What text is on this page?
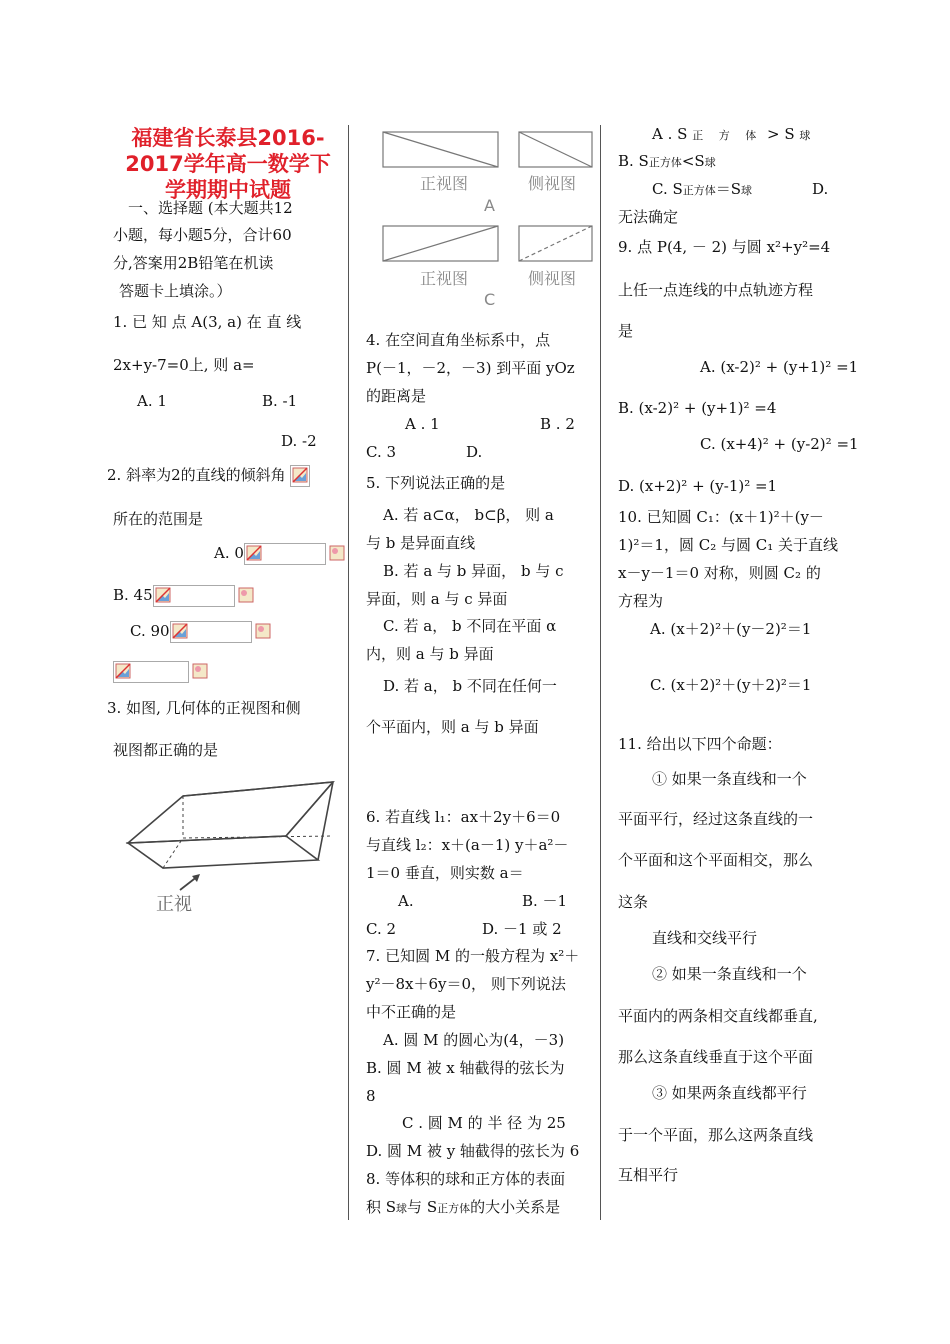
福建省长泰县2016-
2017学年高一数学下
学期期中试题
一、选择题 (本大题共12
小题，每小题5分，合计60
分,答案用2B铅笔在机读
答题卡上填涂。）
1. 已 知 点 A(3, a) 在 直 线
2x+y-7=0上, 则 a=
A. 1	B. -1
D. -2
2. 斜率为2的直线的倾斜角
所在的范围是
A. 0
B. 45
C. 90
3. 如图, 几何体的正视图和侧
视图都正确的是
正视
正视图	侧视图
A
正视图	侧视图
C
4. 在空间直角坐标系中，点
P(－1，－2，－3) 到平面 yOz
的距离是
A . 1	B . 2
C. 3	D.
5. 下列说法正确的是
A. 若 a⊂α， b⊂β， 则 a
与 b 是异面直线
B. 若 a 与 b 异面， b 与 c
异面，则 a 与 c 异面
C. 若 a， b 不同在平面 α
内，则 a 与 b 异面
D. 若 a， b 不同在任何一
个平面内，则 a 与 b 异面
6. 若直线 l₁：ax＋2y＋6＝0
与直线 l₂：x＋(a－1) y＋a²－
1＝0 垂直，则实数 a＝
A.	B. －1
C. 2	D. －1 或 2
7. 已知圆 M 的一般方程为 x²＋
y²－8x＋6y＝0， 则下列说法
中不正确的是
A. 圆 M 的圆心为(4，－3)
B. 圆 M 被 x 轴截得的弦长为
8
C . 圆 M 的 半 径 为 25
D. 圆 M 被 y 轴截得的弦长为 6
8. 等体积的球和正方体的表面
积 S球与 S正方体的大小关系是
A . S 正 方 体 > S 球
B. S正方体<S球
C. S正方体＝S球	D.
无法确定
9. 点 P(4, － 2) 与圆 x²+y²=4
上任一点连线的中点轨迹方程
是
A. (x-2)² + (y+1)² =1
B. (x-2)² + (y+1)² =4
C. (x+4)² + (y-2)² =1
D. (x+2)² + (y-1)² =1
10. 已知圆 C₁：(x＋1)²＋(y－
1)²＝1，圆 C₂ 与圆 C₁ 关于直线
x－y－1＝0 对称，则圆 C₂ 的
方程为
A. (x＋2)²＋(y－2)²＝1
C. (x＋2)²＋(y＋2)²＝1
11. 给出以下四个命题：
① 如果一条直线和一个
平面平行，经过这条直线的一
个平面和这个平面相交，那么
这条
直线和交线平行
② 如果一条直线和一个
平面内的两条相交直线都垂直,
那么这条直线垂直于这个平面
③ 如果两条直线都平行
于一个平面，那么这两条直线
互相平行
